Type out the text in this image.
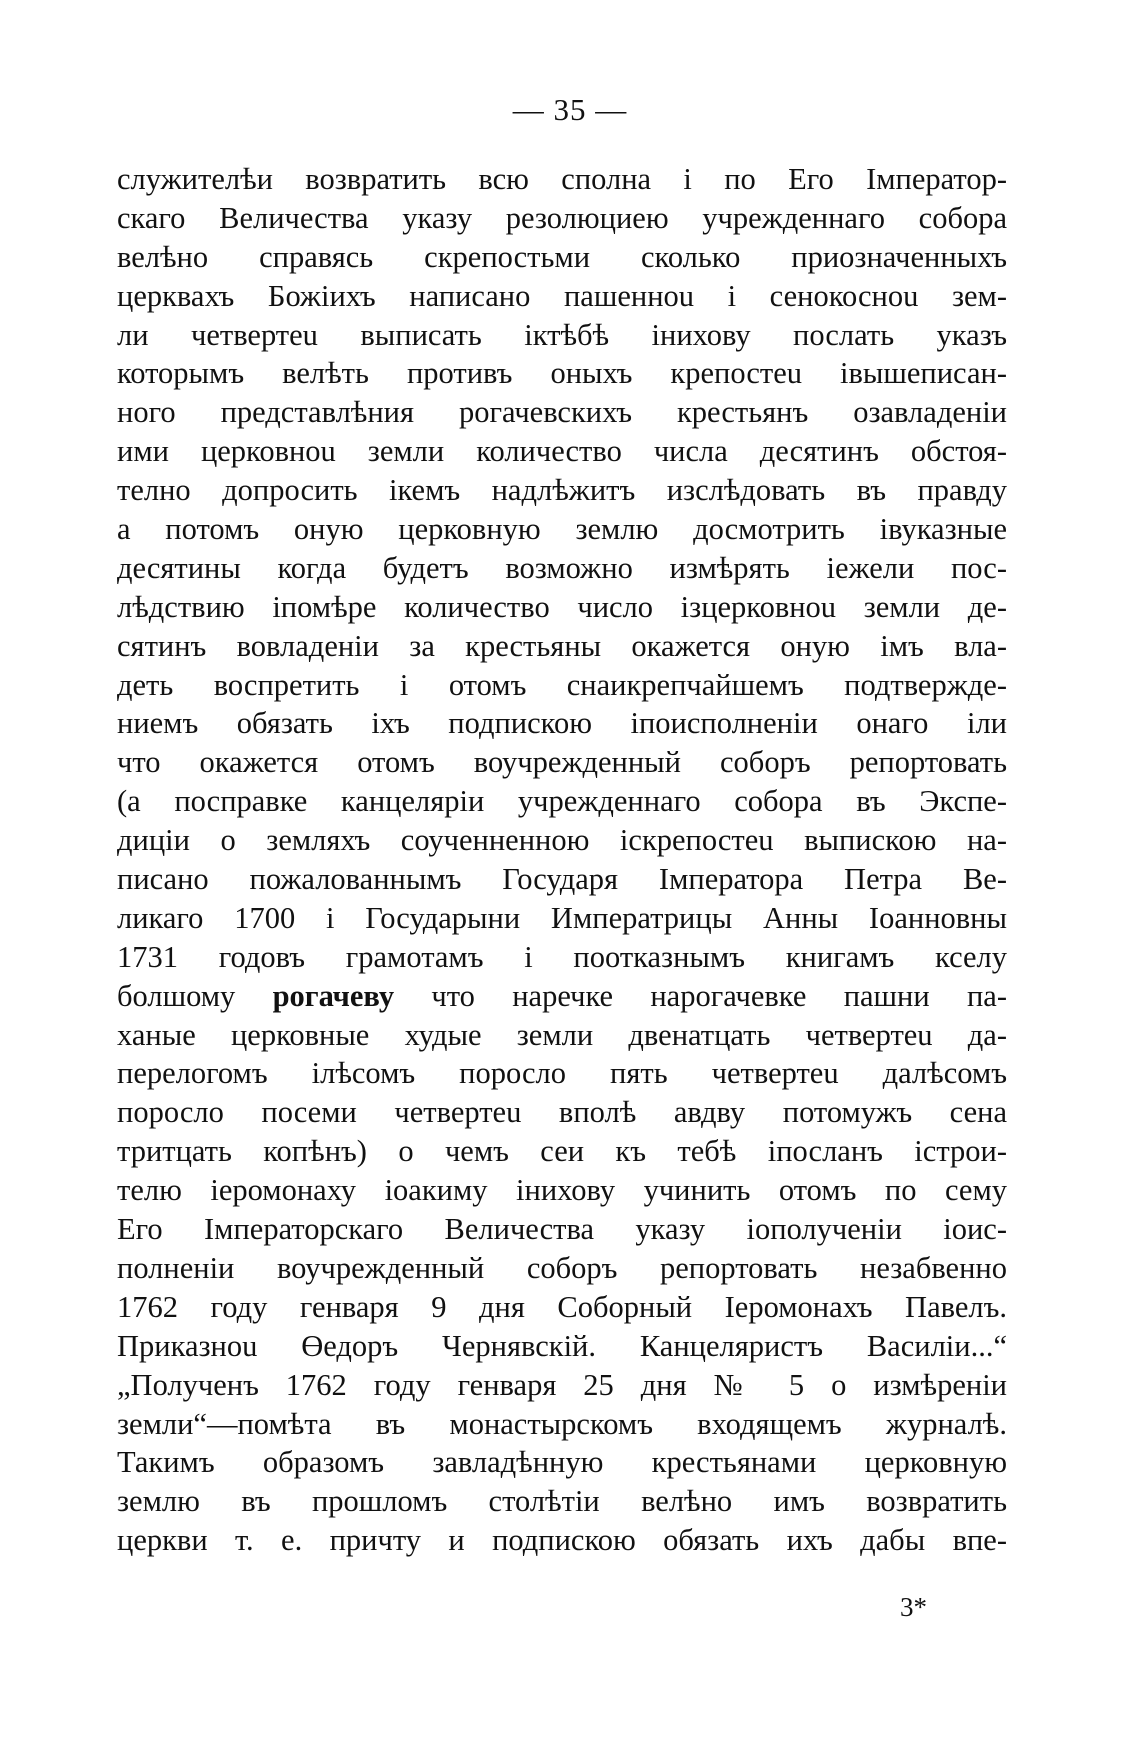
— 35 —
служителѣи возвратить всю сполна і по Его Імператор-
скаго Величества указу резолюциею учрежденнаго собора
велѣно справясь скрепостьми сколько приозначенныхъ
церквахъ Божіихъ написано пашенноu і сенокосноu зем-
ли четвертеu выписать іктѣбѣ інихову послать указъ
которымъ велѣть противъ оныхъ крепостеu івышеписан-
ного представлѣния рогачевскихъ крестьянъ озавладеніи
ими церковноu земли количество числа десятинъ обстоя-
телно допросить ікемъ надлѣжитъ изслѣдовать въ правду
а потомъ оную церковную землю досмотрить івуказные
десятины когда будетъ возможно измѣрять іежели пос-
лѣдствию іпомѣре количество число ізцерковноu земли де-
сятинъ вовладеніи за крестьяны окажется оную імъ вла-
деть воспретить і отомъ снаикрепчайшемъ подтвержде-
ниемъ обязать іхъ подпискою іпоисполненіи онаго іли
что окажется отомъ воучрежденный соборъ репортовать
(а посправке канцеляріи учрежденнаго собора въ Экспе-
диціи о земляхъ соученненною іскрепостеu выпискою на-
писано пожалованнымъ Государя Імператора Петра Ве-
ликаго 1700 і Государыни Императрицы Анны Іоанновны
1731 годовъ грамотамъ і поотказнымъ книгамъ кселу
болшому рогачеву что наречке нарогачевке пашни па-
ханые церковные худые земли двенатцать четвертеu да-
перелогомъ ілѣсомъ поросло пять четвертеu далѣсомъ
поросло посеми четвертеu вполѣ авдву потомужъ сена
тритцать копѣнъ) о чемъ сеи къ тебѣ іпосланъ істрои-
телю іеромонаху іоакиму інихову учинить отомъ по сему
Его Імператорскаго Величества указу іополученіи іоис-
полненіи воучрежденный соборъ репортовать незабвенно
1762 году генваря 9 дня Соборный Іеромонахъ Павелъ.
Приказноu Өедоръ Чернявскій. Канцеляристъ Василіи...“
„Полученъ 1762 году генваря 25 дня № 5 о измѣреніи
земли“—помѣта въ монастырскомъ входящемъ журналѣ.
Такимъ образомъ завладѣнную крестьянами церковную
землю въ прошломъ столѣтіи велѣно имъ возвратить
церкви т. е. причту и подпискою обязать ихъ дабы впе-
3*
